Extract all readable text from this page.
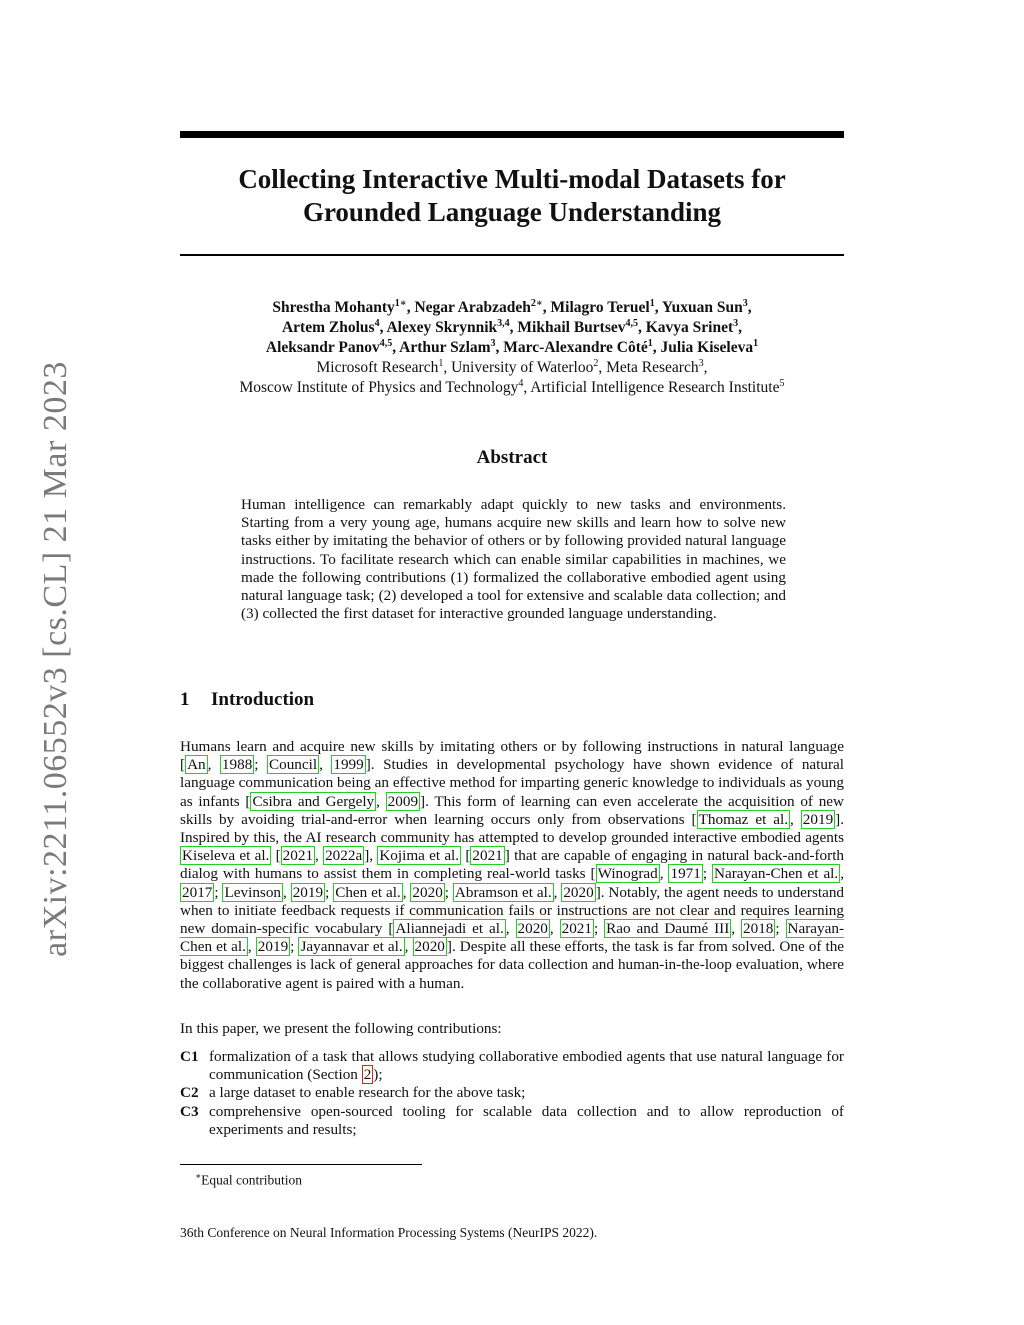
arXiv:2211.06552v3 [cs.CL] 21 Mar 2023
Collecting Interactive Multi-modal Datasets for
Grounded Language Understanding
Shrestha Mohanty$^{1∗}$, Negar Arabzadeh$^{2∗}$, Milagro Teruel$^1$, Yuxuan Sun$^3$,
Artem Zholus$^4$, Alexey Skrynnik$^{3,4}$, Mikhail Burtsev$^{4,5}$, Kavya Srinet$^3$,
Aleksandr Panov$^{4,5}$, Arthur Szlam$^3$, Marc-Alexandre Côté$^1$, Julia Kiseleva$^1$
Microsoft Research$^1$, University of Waterloo$^2$, Meta Research$^3$,
Moscow Institute of Physics and Technology$^4$, Artificial Intelligence Research Institute$^5$
Abstract

Human intelligence can remarkably adapt quickly to new tasks and environments. Starting from a very young age, humans acquire new skills and learn how to solve new tasks either by imitating the behavior of others or by following provided natural language instructions. To facilitate research which can enable similar capabilities in machines, we made the following contributions (1) formalized the collaborative embodied agent using natural language task; (2) developed a tool for extensive and scalable data collection; and (3) collected the first dataset for interactive grounded language understanding.

1 Introduction

Humans learn and acquire new skills by imitating others or by following instructions in natural language [ An , 1988 ; Council , 1999 ]. Studies in developmental psychology have shown evidence of natural language communication being an effective method for imparting generic knowledge to individuals as young as infants [ Csibra and Gergely , 2009 ]. This form of learning can even accelerate the acquisition of new skills by avoiding trial-and-error when learning occurs only from observations [ Thomaz et al. , 2019 ]. Inspired by this, the AI research community has attempted to develop grounded interactive embodied agents Kiseleva et al. [ 2021 , 2022a ], Kojima et al. [ 2021 ] that are capable of engaging in natural back-and-forth dialog with humans to assist them in completing real-world tasks [ Winograd , 1971 ; Narayan-Chen et al. , 2017 ; Levinson , 2019 ; Chen et al. , 2020 ; Abramson et al. , 2020 ]. Notably, the agent needs to understand when to initiate feedback requests if communication fails or instructions are not clear and requires learning new domain-specific vocabulary [ Aliannejadi et al. , 2020 , 2021 ; Rao and Daumé III , 2018 ; Narayan-Chen et al. , 2019 ; Jayannavar et al. , 2020 ]. Despite all these efforts, the task is far from solved. One of the biggest challenges is lack of general approaches for data collection and human-in-the-loop evaluation, where the collaborative agent is paired with a human.

In this paper, we present the following contributions:

C1 formalization of a task that allows studying collaborative embodied agents that use natural language for communication (Section 2 );
C2 a large dataset to enable research for the above task;
C3 comprehensive open-sourced tooling for scalable data collection and to allow reproduction of experiments and results;
∗Equal contribution
36th Conference on Neural Information Processing Systems (NeurIPS 2022).
